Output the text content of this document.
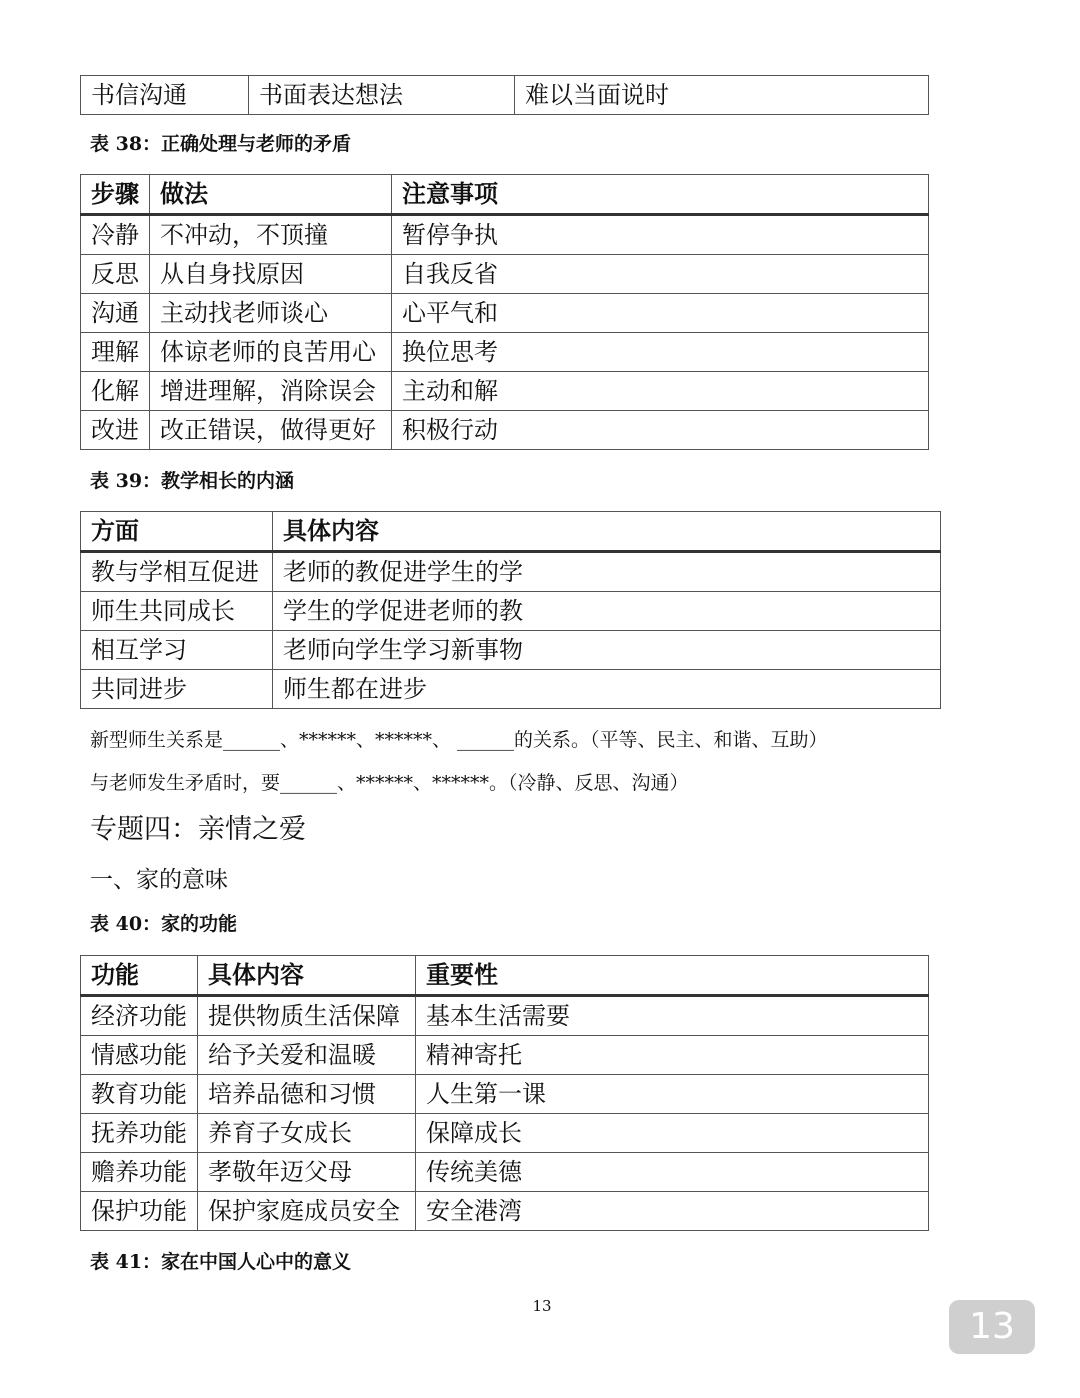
书信沟通	书面表达想法	难以当面说时
表 38：正确处理与老师的矛盾
步骤	做法	注意事项
冷静	不冲动，不顶撞	暂停争执
反思	从自身找原因	自我反省
沟通	主动找老师谈心	心平气和
理解	体谅老师的良苦用心	换位思考
化解	增进理解，消除误会	主动和解
改进	改正错误，做得更好	积极行动
表 39：教学相长的内涵
方面	具体内容
教与学相互促进	老师的教促进学生的学
师生共同成长	学生的学促进老师的教
相互学习	老师向学生学习新事物
共同进步	师生都在进步
新型师生关系是______、******、******、 ______的关系。（平等、民主、和谐、互助）
与老师发生矛盾时，要______、******、******。（冷静、反思、沟通）
专题四：亲情之爱
一、家的意味
表 40：家的功能
功能	具体内容	重要性
经济功能	提供物质生活保障	基本生活需要
情感功能	给予关爱和温暖	精神寄托
教育功能	培养品德和习惯	人生第一课
抚养功能	养育子女成长	保障成长
赡养功能	孝敬年迈父母	传统美德
保护功能	保护家庭成员安全	安全港湾
表 41：家在中国人心中的意义
13	13
